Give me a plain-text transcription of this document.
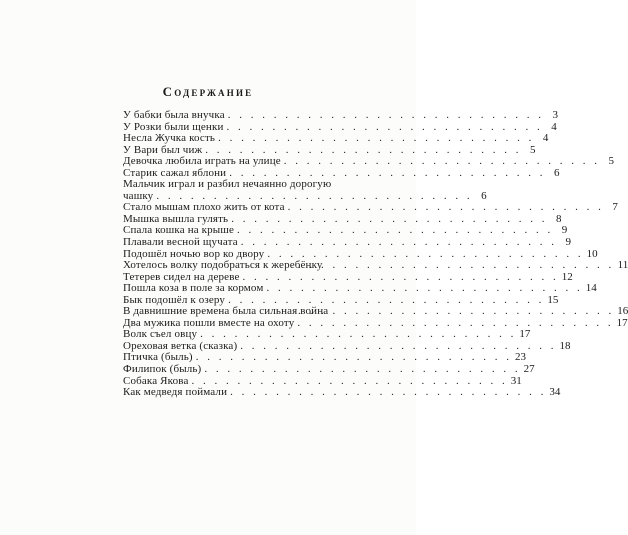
Содержание
У бабки была внучка . . . . . . . . . . . . . . . . . . . . . . . . . . . . 3
У Розки были щенки . . . . . . . . . . . . . . . . . . . . . . . . . . . . 4
Несла Жучка кость . . . . . . . . . . . . . . . . . . . . . . . . . . . . 4
У Вари был чиж . . . . . . . . . . . . . . . . . . . . . . . . . . . . 5
Девочка любила играть на улице . . . . . . . . . . . . . . . . . . . . . . . . . . . . 5
Старик сажал яблони . . . . . . . . . . . . . . . . . . . . . . . . . . . . 6
Мальчик играл и разбил нечаянно дорогую
чашку . . . . . . . . . . . . . . . . . . . . . . . . . . . . 6
Стало мышам плохо жить от кота . . . . . . . . . . . . . . . . . . . . . . . . . . . . 7
Мышка вышла гулять . . . . . . . . . . . . . . . . . . . . . . . . . . . . 8
Спала кошка на крыше . . . . . . . . . . . . . . . . . . . . . . . . . . . . 9
Плавали весной щучата . . . . . . . . . . . . . . . . . . . . . . . . . . . . 9
Подошёл ночью вор ко двору . . . . . . . . . . . . . . . . . . . . . . . . . . . . 10
Хотелось волку подобраться к жеребёнку
. . . . . . . . . . . . . . . . . . . . . . . . . . . . 11
Тетерев сидел на дереве . . . . . . . . . . . . . . . . . . . . . . . . . . . . 12
Пошла коза в поле за кормом . . . . . . . . . . . . . . . . . . . . . . . . . . . . 14
Бык подошёл к озеру . . . . . . . . . . . . . . . . . . . . . . . . . . . . 15
В давнишние времена была сильная война
. . . . . . . . . . . . . . . . . . . . . . . . . . . . 16
Два мужика пошли вместе на охоту . . . . . . . . . . . . . . . . . . . . . . . . . . . . 17
Волк съел овцу . . . . . . . . . . . . . . . . . . . . . . . . . . . . 17
Ореховая ветка (сказка) . . . . . . . . . . . . . . . . . . . . . . . . . . . . 18
Птичка (быль) . . . . . . . . . . . . . . . . . . . . . . . . . . . . 23
Филипок (быль) . . . . . . . . . . . . . . . . . . . . . . . . . . . . 27
Собака Якова . . . . . . . . . . . . . . . . . . . . . . . . . . . . 31
Как медведя поймали . . . . . . . . . . . . . . . . . . . . . . . . . . . . 34
